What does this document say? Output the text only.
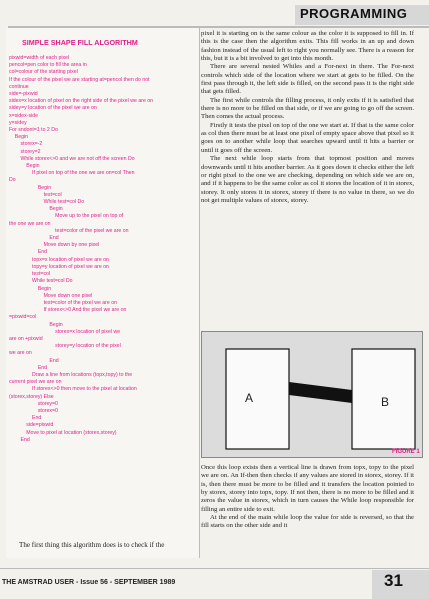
PROGRAMMING
SIMPLE SHAPE FILL ALGORITHM
pixwid=width of each pixel
pencol=pen color to fill the area in
col=colour of the starting pixel
If the colour of the pixel we are starting at=pencol then do not
continue
side=-pixwid
sidex=x location of pixel on the right side of the pixel we are on
sidey=y location of the pixel we are on
x=sidex-side
y=sidey
For sndont=1 to 2 Do
Begin
storex=-2
storey=2
While storex<>0 and we are not off the screen Do
Begin
If pixel on top of the one we are on=col Then
Do
Begin
test=col
While test=col Do
Begin
Move up to the pixel on top of
the one we are on
test=color of the pixel we are on
End
Move down by one pixel
End
topx=x location of pixel we are on
topy=y location of pixel we are on
test=col
While test=col Do
Begin
Move down one pixel
test=color of the pixel we are on
If storex<>0 And the pixel we are on
=pixwid=col
Begin
storex=x location of pixel we
are on +pixwid
storey=y location of the pixel
we are on
End
End
Draw a line from locations (topx,topy) to the
current pixel we are on
If storex<>0 then move to the pixel at location
(storex,storey) Else
storey=0
storex=0
End
side=pixwid
Move to pixel at location (storex,storey)
End
The first thing this algorithm does is to check if the

pixel it is starting on is the same colour as the color it is supposed to fill in. If this is the case then the algorithm exits. This fill works in an up and down fashion instead of the usual left to right you normally see. There is a reason for this, but it is a bit involved to get into this month.

There are several nested Whiles and a For-next in there. The For-next controls which side of the location where we start at gets to be filled. On the first pass through it, the left side is filled, on the second pass it is the right side that gets filled.

The first while controls the filling process, it only exits if it is satisfied that there is no more to be filled on that side, or if we are going to go off the screen. Then comes the actual process.

Firstly it tests the pixel on top of the one we start at. If that is the same color as col then there must be at least one pixel of empty space above that pixel so it goes on to another while loop that searches upward until it hits a barrier or until it goes off the screen.

The next while loop starts from that topmost position and moves downwards until it hits another barrier. As it goes down it checks either the left or right pixel to the one we are checking, depending on which side we are on, and if it happens to be the same color as col it stores the location of it in storex, storey. It only stores it in storex, storey if there is no value in there, so we do not get multiple values of storex, storey.

A	B
FIGURE 1

Once this loop exists then a vertical line is drawn from topx, topy to the pixel we are on. An If-then then checks if any values are stored in storex, storey. If it is, then there must be more to be filled and it transfers the location pointed to by storex, storey into topx, topy. If not then, there is no more to be filled and it zeros the value in storex, which in turn causes the While loop responsible for filling an entire side to exit.

At the end of the main while loop the value for side is reversed, so that the fill starts on the other side and it

THE AMSTRAD USER - Issue 56 - SEPTEMBER 1989	31
